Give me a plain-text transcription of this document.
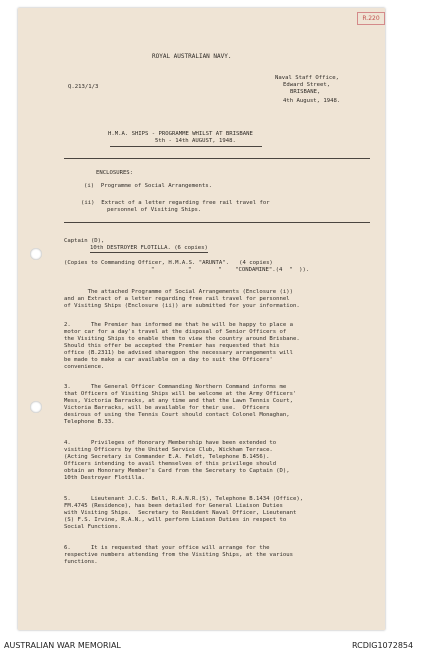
R.220
ROYAL AUSTRALIAN NAVY.
Q.213/1/3
Naval Staff Office,
Edward Street,
BRISBANE,
4th August, 1948.
H.M.A. SHIPS - PROGRAMME WHILST AT BRISBANE
5th - 14th AUGUST, 1948.
ENCLOSURES:
(i)  Programme of Social Arrangements.
(ii)  Extract of a letter regarding free rail travel for
personnel of Visiting Ships.
Captain (D),
10th DESTROYER FLOTILLA. (6 copies)
(Copies to Commanding Officer, H.M.A.S. "ARUNTA".   (4 copies)
"          "        "    "CONDAMINE".(4  "  )).
The attached Programme of Social Arrangements (Enclosure (i))
and an Extract of a letter regarding free rail travel for personnel
of Visiting Ships (Enclosure (ii)) are submitted for your information.
2.      The Premier has informed me that he will be happy to place a
motor car for a day's travel at the disposal of Senior Officers of
the Visiting Ships to enable them to view the country around Brisbane.
Should this offer be accepted the Premier has requested that his
office (B.2311) be advised sharegpon the necessary arrangements will
be made to make a car available on a day to suit the Officers'
convenience.
3.      The General Officer Commanding Northern Command informs me
that Officers of Visiting Ships will be welcome at the Army Officers'
Mess, Victoria Barracks, at any time and that the Lawn Tennis Court,
Victoria Barracks, will be available for their use.  Officers
desirous of using the Tennis Court should contact Colonel Monaghan,
Telephone B.33.
4.      Privileges of Honorary Membership have been extended to
visiting Officers by the United Service Club, Wickham Terrace.
(Acting Secretary is Commander E.A. Feldt, Telephone B.1456).
Officers intending to avail themselves of this privilege should
obtain an Honorary Member's Card from the Secretary to Captain (D),
10th Destroyer Flotilla.
5.      Lieutenant J.C.S. Bell, R.A.N.R.(S), Telephone B.1434 (Office),
FM.4745 (Residence), has been detailed for General Liaison Duties
with Visiting Ships.  Secretary to Resident Naval Officer, Lieutenant
(S) F.S. Irvine, R.A.N., will perform Liaison Duties in respect to
Social Functions.
6.      It is requested that your office will arrange for the
respective numbers attending from the Visiting Ships, at the various
functions.
AUSTRALIAN WAR MEMORIAL	RCDIG1072854
